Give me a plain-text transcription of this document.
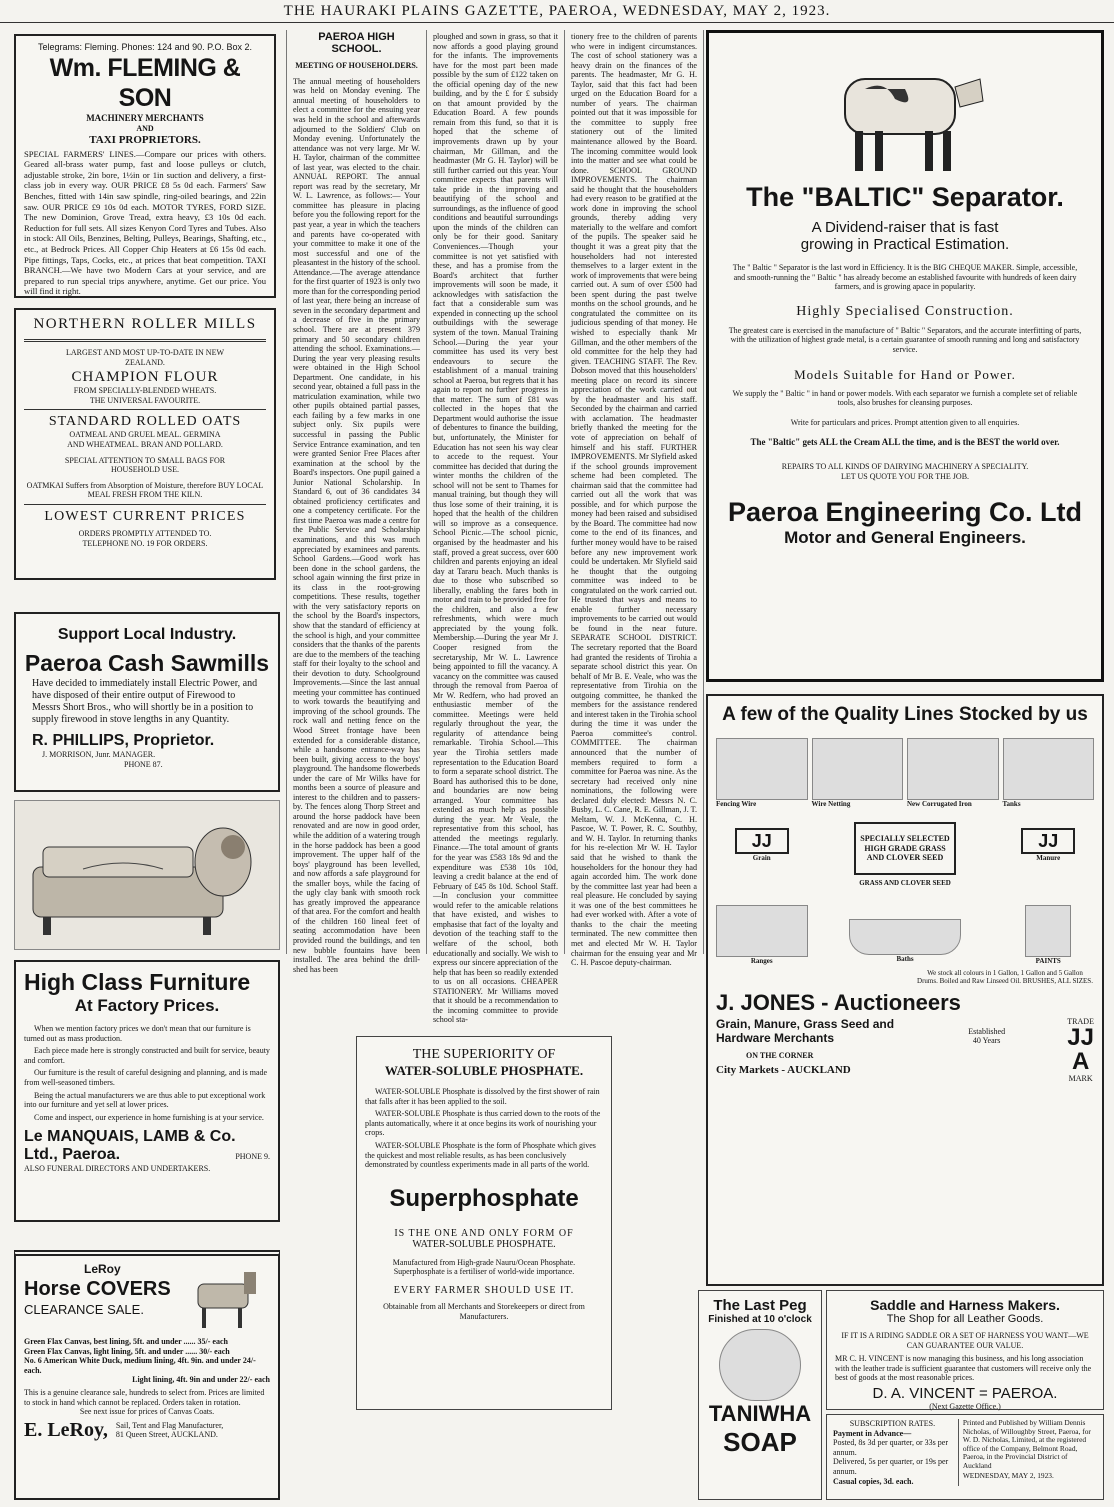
THE HAURAKI PLAINS GAZETTE, PAEROA, WEDNESDAY, MAY 2, 1923.
Telegrams: Fleming. Phones: 124 and 90. P.O. Box 2.
Wm. FLEMING & SON
MACHINERY MERCHANTS
AND
TAXI PROPRIETORS.
SPECIAL FARMERS' LINES.—Compare our prices with others. Geared all-brass water pump, fast and loose pulleys or clutch, adjustable stroke, 2in bore, 1½in or 1in suction and delivery, a first-class job in every way. OUR PRICE £8 5s 0d each. Farmers' Saw Benches, fitted with 14in saw spindle, ring-oiled bearings, and 22in saw. OUR PRICE £9 10s 0d each. MOTOR TYRES, FORD SIZE. The new Dominion, Grove Tread, extra heavy, £3 10s 0d each. Reduction for full sets. All sizes Kenyon Cord Tyres and Tubes. Also in stock: All Oils, Benzines, Belting, Pulleys, Bearings, Shafting, etc., etc., at Bedrock Prices. All Copper Chip Heaters at £6 15s 0d each. Pipe fittings, Taps, Cocks, etc., at prices that beat competition. TAXI BRANCH.—We have two Modern Cars at your service, and are prepared to run special trips anywhere, anytime. Get our price. You will find it right.
NORTHERN ROLLER MILLS
LARGEST AND MOST UP-TO-DATE IN NEW ZEALAND.
CHAMPION FLOUR
FROM SPECIALLY-BLENDED WHEATS.
THE UNIVERSAL FAVOURITE.
STANDARD ROLLED OATS
OATMEAL AND GRUEL MEAL. GERMINA AND WHEATMEAL. BRAN AND POLLARD.
SPECIAL ATTENTION TO SMALL BAGS FOR HOUSEHOLD USE.
OATMKAI Suffers from Absorption of Moisture, therefore BUY LOCAL MEAL FRESH FROM THE KILN.
LOWEST CURRENT PRICES
ORDERS PROMPTLY ATTENDED TO.
TELEPHONE NO. 19 FOR ORDERS.
Support Local Industry.
Paeroa Cash Sawmills
Have decided to immediately install Electric Power, and have disposed of their entire output of Firewood to Messrs Short Bros., who will shortly be in a position to supply firewood in stove lengths in any Quantity.
R. PHILLIPS, Proprietor.
J. MORRISON, Junr. MANAGER.
PHONE 87.
High Class Furniture
At Factory Prices.

When we mention factory prices we don't mean that our furniture is turned out as mass production.

Each piece made here is strongly constructed and built for service, beauty and comfort.

Our furniture is the result of careful designing and planning, and is made from well-seasoned timbers.

Being the actual manufacturers we are thus able to put exceptional work into our furniture and yet sell at lower prices.

Come and inspect, our experience in home furnishing is at your service.

Le MANQUAIS, LAMB & Co.
Ltd., Paeroa.	PHONE 9.
ALSO FUNERAL DIRECTORS AND UNDERTAKERS.
LeRoy
Horse COVERS
CLEARANCE SALE.
Green Flax Canvas, best lining, 5ft. and under ...... 35/- each
Green Flax Canvas, light lining, 5ft. and under ...... 30/- each
No. 6 American White Duck, medium lining, 4ft. 9in. and under 24/- each.
Light lining, 4ft. 9in and under 22/- each
This is a genuine clearance sale, hundreds to select from. Prices are limited to stock in hand which cannot be replaced. Orders taken in rotation.
See next issue for prices of Canvas Coats.
E. LeRoy, Sail, Tent and Flag Manufacturer,
81 Queen Street, AUCKLAND.
PAEROA HIGH SCHOOL.
MEETING OF HOUSEHOLDERS.
The annual meeting of householders was held on Monday evening. The annual meeting of householders to elect a committee for the ensuing year was held in the school and afterwards adjourned to the Soldiers' Club on Monday evening. Unfortunately the attendance was not very large. Mr W. H. Taylor, chairman of the committee of last year, was elected to the chair. ANNUAL REPORT. The annual report was read by the secretary, Mr W. L. Lawrence, as follows:— Your committee has pleasure in placing before you the following report for the past year, a year in which the teachers and parents have co-operated with your committee to make it one of the most successful and one of the pleasantest in the history of the school. Attendance.—The average attendance for the first quarter of 1923 is only two more than for the corresponding period of last year, there being an increase of seven in the secondary department and a decrease of five in the primary school. There are at present 379 primary and 50 secondary children attending the school. Examinations.—During the year very pleasing results were obtained in the High School Department. One candidate, in his second year, obtained a full pass in the matriculation examination, while two other pupils obtained partial passes, each failing by a few marks in one subject only. Six pupils were successful in passing the Public Service Entrance examination, and ten were granted Senior Free Places after examination at the school by the Board's inspectors. One pupil gained a Junior National Scholarship. In Standard 6, out of 36 candidates 34 obtained proficiency certificates and one a competency certificate. For the first time Paeroa was made a centre for the Public Service and Scholarship examinations, and this was much appreciated by examinees and parents. School Gardens.—Good work has been done in the school gardens, the school again winning the first prize in its class in the root-growing competitions. These results, together with the very satisfactory reports on the school by the Board's inspectors, show that the standard of efficiency at the school is high, and your committee considers that the thanks of the parents are due to the members of the teaching staff for their loyalty to the school and their devotion to duty. Schoolground Improvements.—Since the last annual meeting your committee has continued to work towards the beautifying and improving of the school grounds. The rock wall and netting fence on the Wood Street frontage have been extended for a considerable distance, while a handsome entrance-way has been built, giving access to the boys' playground. The handsome flowerbeds under the care of Mr Wilks have for months been a source of pleasure and interest to the children and to passers-by. The fences along Thorp Street and around the horse paddock have been renovated and are now in good order, while the addition of a watering trough in the horse paddock has been a good improvement. The upper half of the boys' playground has been levelled, and now affords a safe playground for the smaller boys, while the facing of the ugly clay bank with smooth rock has greatly improved the appearance of that area. For the comfort and health of the children 160 lineal feet of seating accommodation have been provided round the buildings, and ten new bubble fountains have been installed. The area behind the drill-shed has been
ploughed and sown in grass, so that it now affords a good playing ground for the infants. The improvements have for the most part been made possible by the sum of £122 taken on the official opening day of the new building, and by the £ for £ subsidy on that amount provided by the Education Board. A few pounds remain from this fund, so that it is hoped that the scheme of improvements drawn up by your chairman, Mr Gillman, and the headmaster (Mr G. H. Taylor) will be still further carried out this year. Your committee expects that parents will take pride in the improving and beautifying of the school and surroundings, as the influence of good conditions and beautiful surroundings upon the minds of the children can only be for their good. Sanitary Conveniences.—Though your committee is not yet satisfied with these, and has a promise from the Board's architect that further improvements will soon be made, it acknowledges with satisfaction the fact that a considerable sum was expended in connecting up the school outbuildings with the sewerage system of the town. Manual Training School.—During the year your committee has used its very best endeavours to secure the establishment of a manual training school at Paeroa, but regrets that it has again to report no further progress in that matter. The sum of £81 was collected in the hopes that the Department would authorise the issue of debentures to finance the building, but, unfortunately, the Minister for Education has not seen his way clear to accede to the request. Your committee has decided that during the winter months the children of the school will not be sent to Thames for manual training, but though they will thus lose some of their training, it is hoped that the health of the children will so improve as a consequence. School Picnic.—The school picnic, organised by the headmaster and his staff, proved a great success, over 600 children and parents enjoying an ideal day at Tararu beach. Much thanks is due to those who subscribed so liberally, enabling the fares both in motor and train to be provided free for the children, and also a few refreshments, which were much appreciated by the young folk. Membership.—During the year Mr J. Cooper resigned from the secretaryship, Mr W. L. Lawrence being appointed to fill the vacancy. A vacancy on the committee was caused through the removal from Paeroa of Mr W. Redfern, who had proved an enthusiastic member of the committee. Meetings were held regularly throughout the year, the regularity of attendance being remarkable. Tirohia School.—This year the Tirohia settlers made representation to the Education Board to form a separate school district. The Board has authorised this to be done, and boundaries are now being arranged. Your committee has extended as much help as possible during the year. Mr Veale, the representative from this school, has attended the meetings regularly. Finance.—The total amount of grants for the year was £583 18s 9d and the expenditure was £538 10s 10d, leaving a credit balance at the end of February of £45 8s 10d. School Staff.—In conclusion your committee would refer to the amicable relations that have existed, and wishes to emphasise that fact of the loyalty and devotion of the teaching staff to the welfare of the school, both educationally and socially. We wish to express our sincere appreciation of the help that has been so readily extended to us on all occasions. CHEAPER STATIONERY. Mr Williams moved that it should be a recommendation to the incoming committee to provide school sta-
tionery free to the children of parents who were in indigent circumstances. The cost of school stationery was a heavy drain on the finances of the parents. The headmaster, Mr G. H. Taylor, said that this fact had been urged on the Education Board for a number of years. The chairman pointed out that it was impossible for the committee to supply free stationery out of the limited maintenance allowed by the Board. The incoming committee would look into the matter and see what could be done. SCHOOL GROUND IMPROVEMENTS. The chairman said he thought that the householders had every reason to be gratified at the work done in improving the school grounds, thereby adding very materially to the welfare and comfort of the pupils. The speaker said he thought it was a great pity that the householders had not interested themselves to a larger extent in the work of improvements that were being carried out. A sum of over £500 had been spent during the past twelve months on the school grounds, and he congratulated the committee on its judicious spending of that money. He wished to especially thank Mr Gillman, and the other members of the old committee for the help they had given. TEACHING STAFF. The Rev. Dobson moved that this householders' meeting place on record its sincere appreciation of the work carried out by the headmaster and his staff. Seconded by the chairman and carried with acclamation. The headmaster briefly thanked the meeting for the vote of appreciation on behalf of himself and his staff. FURTHER IMPROVEMENTS. Mr Slyfield asked if the school grounds improvement scheme had been completed. The chairman said that the committee had carried out all the work that was possible, and for which purpose the money had been raised and subsidised by the Board. The committee had now come to the end of its finances, and further money would have to be raised before any new improvement work could be undertaken. Mr Slyfield said he thought that the outgoing committee was indeed to be congratulated on the work carried out. He trusted that ways and means to enable further necessary improvements to be carried out would be found in the near future. SEPARATE SCHOOL DISTRICT. The secretary reported that the Board had granted the residents of Tirohia a separate school district this year. On behalf of Mr B. E. Veale, who was the representative from Tirohia on the outgoing committee, he thanked the members for the assistance rendered and interest taken in the Tirohia school during the time it was under the Paeroa committee's control. COMMITTEE. The chairman announced that the number of members required to form a committee for Paeroa was nine. As the secretary had received only nine nominations, the following were declared duly elected: Messrs N. C. Busby, L. C. Cane, R. E. Gillman, J. T. Meltam, W. J. McKenna, C. H. Pascoe, W. T. Power, R. C. Southby, and W. H. Taylor. In returning thanks for his re-election Mr W. H. Taylor said that he wished to thank the householders for the honour they had again accorded him. The work done by the committee last year had been a real pleasure. He concluded by saying it was one of the best committees he had ever worked with. After a vote of thanks to the chair the meeting terminated. The new committee then met and elected Mr W. H. Taylor chairman for the ensuing year and Mr C. H. Pascoe deputy-chairman.
THE SUPERIORITY OF
WATER-SOLUBLE PHOSPHATE.

WATER-SOLUBLE Phosphate is dissolved by the first shower of rain that falls after it has been applied to the soil.

WATER-SOLUBLE Phosphate is thus carried down to the roots of the plants automatically, where it at once begins its work of nourishing your crops.

WATER-SOLUBLE Phosphate is the form of Phosphate which gives the quickest and most reliable results, as has been conclusively demonstrated by countless experiments made in all parts of the world.

Superphosphate
IS THE ONE AND ONLY FORM OF
WATER-SOLUBLE PHOSPHATE.
Manufactured from High-grade Nauru/Ocean Phosphate.
Superphosphate is a fertiliser of world-wide importance.
EVERY FARMER SHOULD USE IT.
Obtainable from all Merchants and Storekeepers or direct from Manufacturers.
The "BALTIC" Separator.
A Dividend-raiser that is fast
growing in Practical Estimation.

The " Baltic " Separator is the last word in Efficiency. It is the BIG CHEQUE MAKER. Simple, accessible, and smooth-running the " Baltic " has already become an established favourite with hundreds of keen dairy farmers, and is growing apace in popularity.

Highly Specialised Construction.

The greatest care is exercised in the manufacture of " Baltic " Separators, and the accurate interfitting of parts, with the utilization of highest grade metal, is a certain guarantee of smooth running and long and satisfactory service.

Models Suitable for Hand or Power.

We supply the " Baltic " in hand or power models. With each separator we furnish a complete set of reliable tools, also brushes for cleansing purposes.

Write for particulars and prices. Prompt attention given to all enquiries.

The "Baltic" gets ALL the Cream ALL the time, and is the BEST the world over.

REPAIRS TO ALL KINDS OF DAIRYING MACHINERY A SPECIALITY.
LET US QUOTE YOU FOR THE JOB.
Paeroa Engineering Co. Ltd
Motor and General Engineers.
A few of the Quality Lines Stocked by us
Fencing Wire	Wire Netting	New Corrugated Iron	Tanks
JJ
Grain
SPECIALLY SELECTED HIGH GRADE GRASS AND CLOVER SEED
GRASS AND CLOVER SEED
JJ
Manure
Ranges	Baths	PAINTS
We stock all colours in 1 Gallon, 1 Gallon and 5 Gallon Drums. Boiled and Raw Linseed Oil. BRUSHES, ALL SIZES.
J. JONES - Auctioneers
Grain, Manure, Grass Seed and Hardware Merchants
ON THE CORNER
City Markets - AUCKLAND
Established 40 Years
TRADE
JJ
A
MARK
The Last Peg
Finished at 10 o'clock
TANIWHA
SOAP
Saddle and Harness Makers.
The Shop for all Leather Goods.
IF IT IS A RIDING SADDLE OR A SET OF HARNESS YOU WANT—WE CAN GUARANTEE OUR VALUE.
MR C. H. VINCENT is now managing this business, and his long association with the leather trade is sufficient guarantee that customers will receive only the best of goods at the most reasonable prices.
D. A. VINCENT = PAEROA.
(Next Gazette Office.)
SUBSCRIPTION RATES.
Payment in Advance—
Posted, 8s 3d per quarter, or 33s per annum.
Delivered, 5s per quarter, or 19s per annum.
Casual copies, 3d. each.
Printed and Published by William Dennis Nicholas, of Willoughby Street, Paeroa, for W. D. Nicholas, Limited, at the registered office of the Company, Belmont Road, Paeroa, in the Provincial District of Auckland
WEDNESDAY, MAY 2, 1923.
